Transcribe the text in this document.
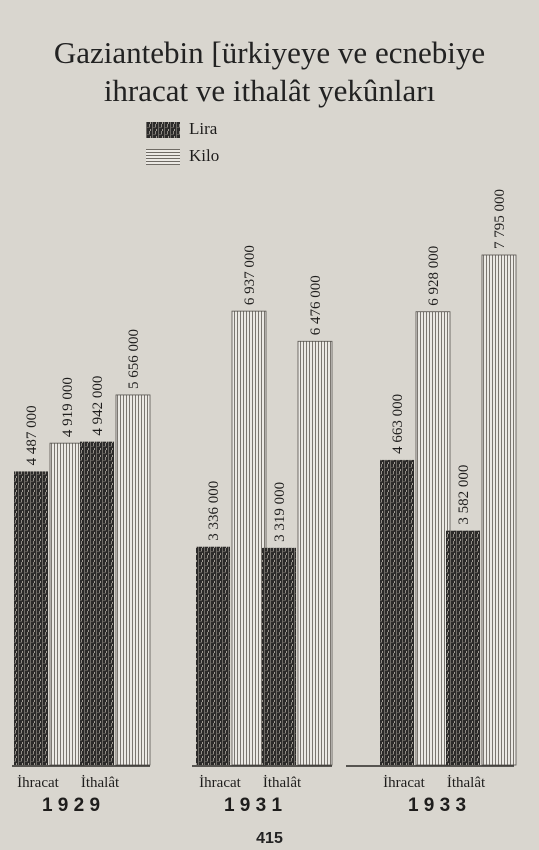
4 487 000 4 919 000
İhracat
4 942 000
5 656 000
İthalât
1 9 2 9
3 336 000
6 937 000
İhracat
3 319 000
6 476 000
İthalât
1 9 3 1
4 663 000
6 928 000
İhracat
3 582 000
7 795 000
İthalât
1 9 3 3
Gaziantebin [ürkiyeye ve ecnebiye
ihracat ve ithalât yekûnları
Lira
Kilo
415
